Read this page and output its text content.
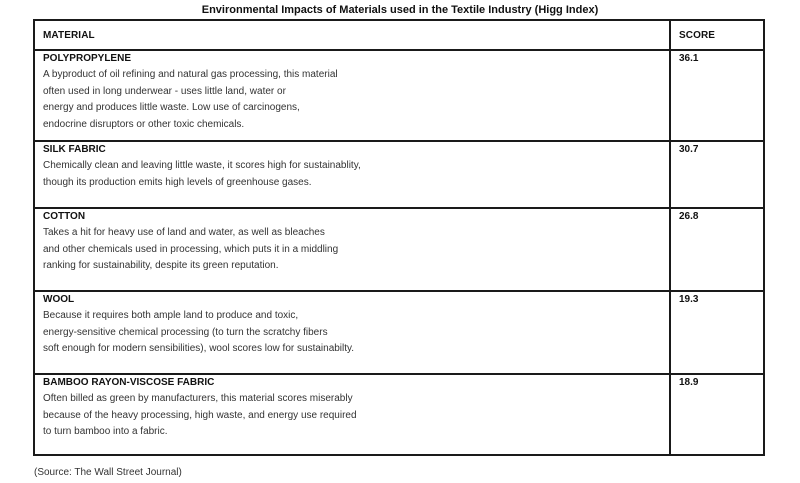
Environmental Impacts of Materials used in the Textile Industry (Higg Index)
MATERIAL	SCORE

POLYPROPYLENE
A byproduct of oil refining and natural gas processing, this material
often used in long underwear - uses little land, water or
energy and produces little waste. Low use of carcinogens,
endocrine disruptors or other toxic chemicals.	36.1

SILK FABRIC
Chemically clean and leaving little waste, it scores high for sustainablity,
though its production emits high levels of greenhouse gases.	30.7

COTTON
Takes a hit for heavy use of land and water, as well as bleaches
and other chemicals used in processing, which puts it in a middling
ranking for sustainability, despite its green reputation.	26.8

WOOL
Because it requires both ample land to produce and toxic,
energy-sensitive chemical processing (to turn the scratchy fibers
soft enough for modern sensibilities), wool scores low for sustainabilty.	19.3

BAMBOO RAYON-VISCOSE FABRIC
Often billed as green by manufacturers, this material scores miserably
because of the heavy processing, high waste, and energy use required
to turn bamboo into a fabric.	18.9
(Source: The Wall Street Journal)
